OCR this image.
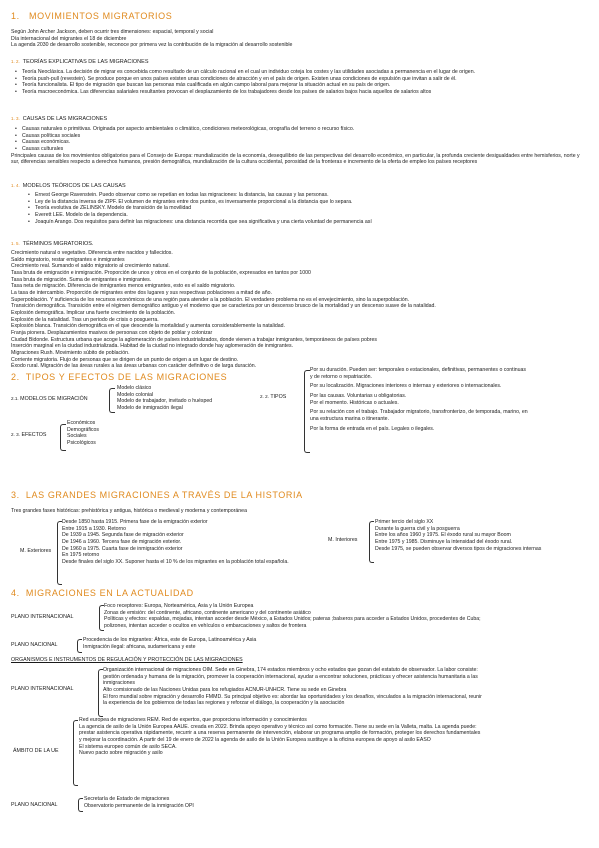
1. MOVIMIENTOS MIGRATORIOS

Según John Archer Jackson, deben ocurrir tres dimensiones: espacial, temporal y social

Día internacional del migrantes el 18 de diciembre

La agenda 2030 de desarrollo sostenible, reconoce por primera vez la contribución de la migración al desarrollo sostenible

1. 2. TEORÍAS EXPLICATIVAS DE LAS MIGRACIONES
• Teoría Neoclásica. La decisión de migrar es concebida como resultado de un cálculo racional en el cual un individuo coteja los costes y las utilidades asociadas a permanencia en el lugar de origen.
• Teoría push-pull (revestein). Se produce porque en unos países existen unas condiciones de atracción y en el país de origen. Existen unas condiciones de expulsión que invitan a salir de él.
• Teoría funcionalista. El tipo de migración que buscan las personas más cualificada en algún campo laboral para mejorar la situación actual en su país de origen.
• Teoría macroeconómica. Las diferencias salariales resultantes provocan el desplazamiento de los trabajadores desde los países de salarios bajos hacia aquellos de salarios altos
1. 3. CAUSAS DE LAS MIGRACIONES
• Causas naturales o primitivas. Originada por aspecto ambientales o climático, condiciones meteorológicas, orografía del terreno o recurso físico.
• Causas políticas sociales
• Causas económicas.
• Causas culturales

Principales causas de los movimientos obligatorios para el Consejo de Europa: mundialización de la economía, desequilibrio de las perspectivas del desarrollo económico, en particular, la profunda creciente desigualdades entre hemisferios, norte y sur, diferencias sensibles respecto a derechos humanos, presión demográfica, mundialización de la cultura occidental, porosidad de la fronteras e incremento de la oferta de empleo los países receptores

1. 4. MODELOS TEÓRICOS DE LAS CAUSAS
• Ernest George Ravenstein. Puedo observar como se repetían en todas las migraciones: la distancia, las causas y las personas.
• Ley de la distancia inversa de ZIPF. El volumen de migrantes entre dos puntos, es inversamente proporcional a la distancia que lo separa.
• Teoría evolutiva de ZELINSKY. Modelo de transición de la movilidad
• Everett LEE. Modelo de la dependencia.
• Joaquín Arango. Dos requisitos para definir las migraciones: una distancia recorrida que sea significativa y una cierta voluntad de permanencia así
1. 5. TÉRMINOS MIGRATORIOS.

Crecimiento natural o vegetativo. Diferencia entre nacidos y fallecidos.

Saldo migratorio, restar emigrantes e inmigrantes

Crecimiento real. Sumando el saldo migratorio al crecimiento natural.

Tasa bruta de emigración e inmigración. Proporción de unos y otros en el conjunto de la población, expresados en tantos por 1000

Tasa bruta de migración. Suma de emigrantes e inmigrantes.

Tasa neta de migración. Diferencia de inmigrantes menos emigrantes, esto es el saldo migratorio.

La tasa de intercambio. Proporción de migrantes entre dos lugares y sus respectivas poblaciones a mitad de año.

Superpoblación. Y suficiencia de los recursos económicos de una región para atender a la población. El verdadero problema no es el envejecimiento, sino la superpoblación.

Transición demográfica. Transición entre el régimen demográfico antiguo y el moderno que se caracteriza por un descenso brusco de la mortalidad y un descenso suave de la natalidad.

Explosión demográfica. Implicar una fuerte crecimiento de la población.

Explosión de la natalidad. Tras un periodo de crisis o posguerra.

Explosión blanca. Transición demográfica en el que descende la mortalidad y aumenta considerablemente la natalidad.

Franja pionera. Desplazamientos masivos de personas con objeto de poblar y colonizar

Ciudad Bidonde. Estructura urbana que acoge la aglomeración de países industrializados, donde vienen a trabajar inmigrantes, temporáneos de países pobres

Inserción marginal en la ciudad industrializada. Habitad de la ciudad no integrado donde hay aglomeración de inmigrantes.

Migraciones Rush. Movimiento súbito de población.

Corriente migratoria. Flujo de personas que se dirigen de un punto de origen a un lugar de destino.

Éxodo rural. Migración de las áreas rurales a las áreas urbanas con carácter definitivo o de larga duración.

2. TIPOS Y EFECTOS DE LAS MIGRACIONES
2.1. MODELOS DE MIGRACIÓN

Modelo clásico

Modelo colonial

Modelo de trabajador, invitado o huésped

Modelo de inmigración ilegal

2. 3. EFECTOS

Económicos

Demográficos

Sociales

Psicológicos

2. 2. TIPOS

Por su duración. Pueden ser: temporales o estacionales, definitivas, permanentes o continuas

y de retorno o repatriación.

Por su localización. Migraciones interiores o internas y exteriores o internacionales.

Por las causas. Voluntarias u obligatorias.

Por el momento. Históricas o actuales.

Por su relación con el trabajo. Trabajador migratorio, transfronterizo, de temporada, marino, en

una estructura marina o itinerante.

Por la forma de entrada en el país. Legales o ilegales.

3. LAS GRANDES MIGRACIONES A TRAVÉS DE LA HISTORIA
Tres grandes fases históricas: prehistórica y antigua, histórica o medieval y moderna y contemporánea
M. Exteriores

Desde 1850 hasta 1915. Primera fase de la emigración exterior

Entre 1915 a 1930. Retorno

De 1939 a 1945. Segunda fase de migración exterior

De 1946 a 1960. Tercera fase de migración exterior.

De 1960 a 1975. Cuarta fase de inmigración exterior

En 1975 retorno

Desde finales del siglo XX. Suponer hasta el 10 % de los migrantes en la población total española.

M. Interiores

Primer tercio del siglo XX

Durante la guerra civil y la posguerra

Entre los años 1960 y 1975. El éxodo rural su mayor Boom

Entre 1975 y 1985. Disminuye la intensidad del éxodo rural.

Desde 1975, se pueden observar diversos tipos de migraciones internas

4. MIGRACIONES EN LA ACTUALIDAD
PLANO INTERNACIONAL

Foco receptores: Europa, Norteamérica, Asia y la Unión Europea

Zonas de emisión: del continente, africano, continente americano y del continente asiático

Políticas y efectos: espaldas, mojadas, intentan acceder desde México, a Estados Unidos; pateras ;balseros para acceder a Estados Unidos, procedentes de Cuba;

polizones, intentan acceder o ocultos en vehículos o embarcaciones y saltos de frontera

PLANO NACIONAL

Procedencia de los migrantes: África, este de Europa, Latinoamérica y Asia

Inmigración ilegal: africana, sudamericana y este

ORGANISMOS E INSTRUMENTOS DE REGULACIÓN Y PROTECCIÓN DE LAS MIGRACIONES
PLANO INTERNACIONAL

Organización internacional de migraciones OIM. Sede en Ginebra, 174 estados miembros y ocho estados que gozan del estatuto de observador. La labor consiste:

gestión ordenada y humana de la migración, promover la cooperación internacional, ayudar a encontrar soluciones, prácticas y ofrecer asistencia humanitaria a las

inmigraciones

Alto comisionado de las Naciones Unidas para los refugiados ACNUR-UNHCR. Tiene su sede en Ginebra

El foro mundial sobre migración y desarrollo FMMD. Su principal objetivo es: abordar las oportunidades y los desafíos, vinculados a la migración internacional, reunir

la experiencia de los gobiernos de todas las regiones y reforzar el diálogo, la cooperación y la asociación

ÁMBITO DE LA UE

Red europea de migraciones REM. Red de expertos, que proporciona información y conocimientos

La agencia de asilo de la Unión Europea AAUE. creada en 2022. Brinda apoyo operativo y técnico así como formación. Tiene su sede en la Valleta, malta. La agenda puede:

prestar asistencia operativa rápidamente, recurrir a una reserva permanente de intervención, elaborar un programa amplio de formación, proteger los derechos fundamentales

y mejorar la coordinación. A partir del 19 de enero de 2022 la agenda de asilo de la Unión Europea sustituye a la oficina europea de apoyo al asilo EASO

El sistema europeo común de asilo SECA.

Nuevo pacto sobre migración y asilo

PLANO NACIONAL

Secretaría de Estado de migraciones

Observatorio permanente de la inmigración OPI
